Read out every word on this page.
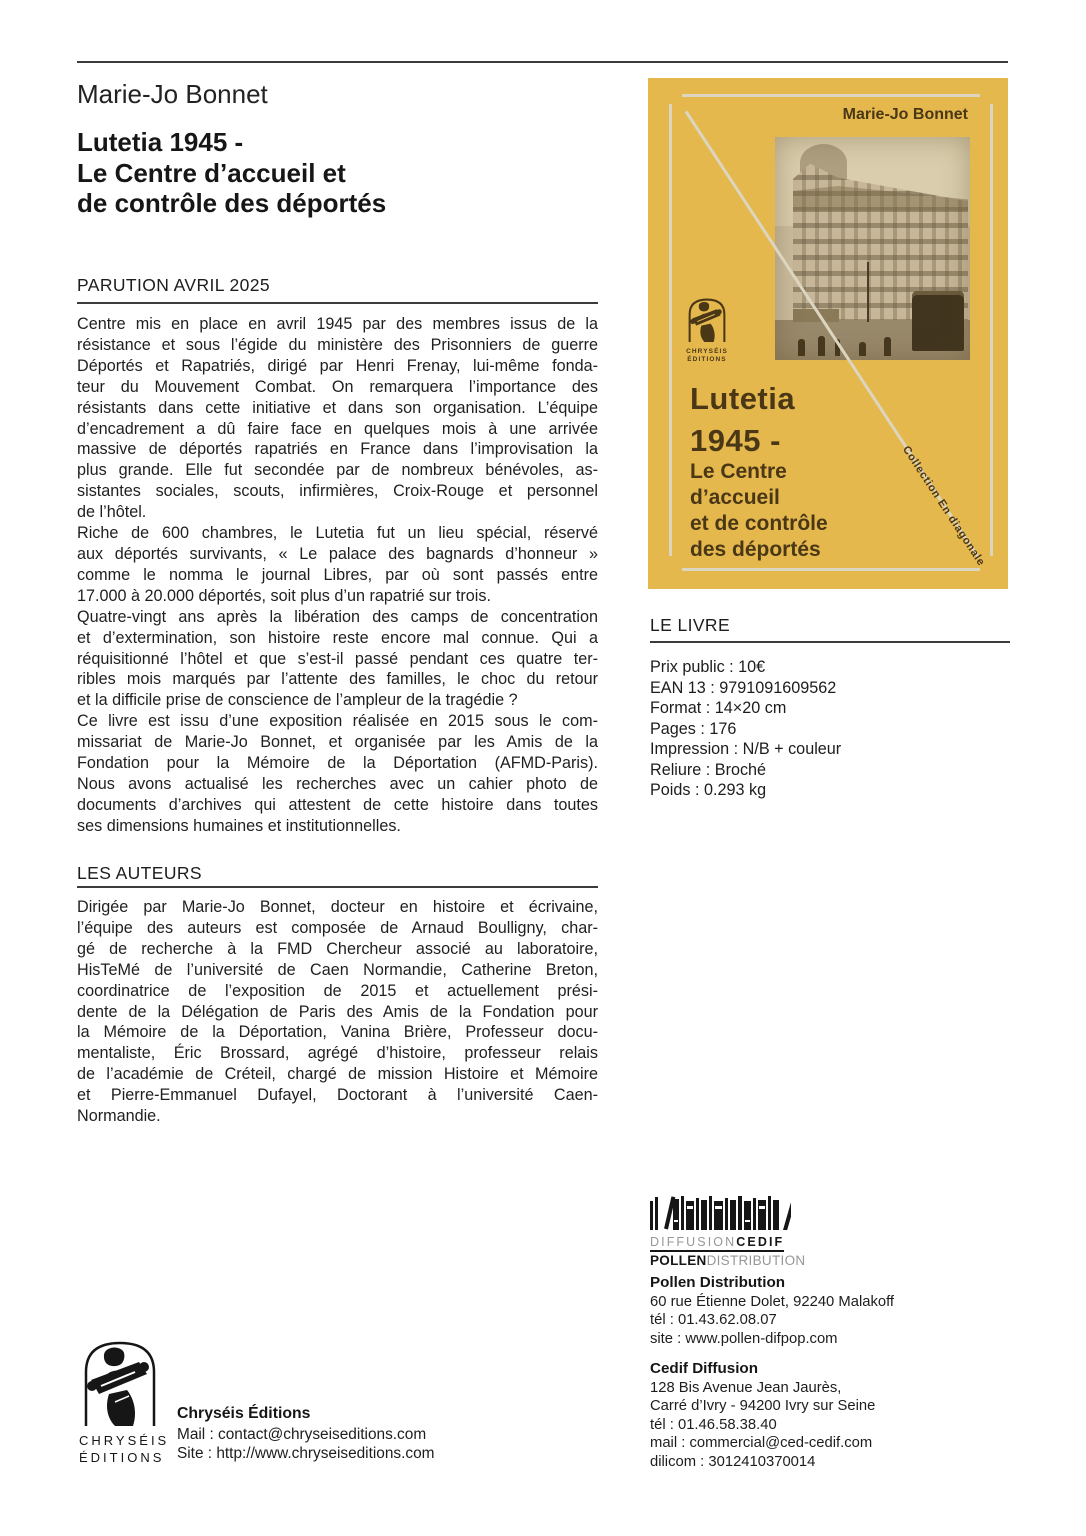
Marie-Jo Bonnet
Lutetia 1945 -
Le Centre d’accueil et
de contrôle des déportés
PARUTION AVRIL 2025
Centre mis en place en avril 1945 par des membres issus de la
résistance et sous l’égide du ministère des Prisonniers de guerre
Déportés et Rapatriés, dirigé par Henri Frenay, lui-même fonda-
teur du Mouvement Combat. On remarquera l’importance des
résistants dans cette initiative et dans son organisation. L’équipe
d’encadrement a dû faire face en quelques mois à une arrivée
massive de déportés rapatriés en France dans l’improvisation la
plus grande. Elle fut secondée par de nombreux bénévoles, as-
sistantes sociales, scouts, infirmières, Croix-Rouge et personnel
de l’hôtel.
Riche de 600 chambres, le Lutetia fut un lieu spécial, réservé
aux déportés survivants, « Le palace des bagnards d’honneur »
comme le nomma le journal Libres, par où sont passés entre
17.000 à 20.000 déportés, soit plus d’un rapatrié sur trois.
Quatre-vingt ans après la libération des camps de concentration
et d’extermination, son histoire reste encore mal connue. Qui a
réquisitionné l’hôtel et que s’est-il passé pendant ces quatre ter-
ribles mois marqués par l’attente des familles, le choc du retour
et la difficile prise de conscience de l’ampleur de la tragédie ?
Ce livre est issu d’une exposition réalisée en 2015 sous le com-
missariat de Marie-Jo Bonnet, et organisée par les Amis de la
Fondation pour la Mémoire de la Déportation (AFMD-Paris).
Nous avons actualisé les recherches avec un cahier photo de
documents d’archives qui attestent de cette histoire dans toutes
ses dimensions humaines et institutionnelles.
LES AUTEURS
Dirigée par Marie-Jo Bonnet, docteur en histoire et écrivaine,
l’équipe des auteurs est composée de Arnaud Boulligny, char-
gé de recherche à la FMD Chercheur associé au laboratoire,
HisTeMé de l’université de Caen Normandie, Catherine Breton,
coordinatrice de l’exposition de 2015 et actuellement prési-
dente de la Délégation de Paris des Amis de la Fondation pour
la Mémoire de la Déportation, Vanina Brière, Professeur docu-
mentaliste, Éric Brossard, agrégé d’histoire, professeur relais
de l’académie de Créteil, chargé de mission Histoire et Mémoire
et Pierre-Emmanuel Dufayel, Doctorant à l’université Caen-
Normandie.
Marie-Jo Bonnet
CHRYSÉIS
ÉDITIONS
Lutetia
1945 -
Le Centre
d’accueil
et de contrôle
des déportés	Collection En diagonale
LE LIVRE
Prix public : 10€
EAN 13 : 9791091609562
Format : 14×20 cm
Pages : 176
Impression : N/B + couleur
Reliure : Broché
Poids : 0.293 kg
DIFFUSIONCEDIF
POLLENDISTRIBUTION
Pollen Distribution
60 rue Étienne Dolet, 92240 Malakoff
tél : 01.43.62.08.07
site : www.pollen-difpop.com
Cedif Diffusion
128 Bis Avenue Jean Jaurès,
Carré d’Ivry - 94200 Ivry sur Seine
tél : 01.46.58.38.40
mail : commercial@ced-cedif.com
dilicom : 3012410370014
CHRYSÉIS
ÉDITIONS
Chryséis Éditions
Mail : contact@chryseiseditions.com
Site : http://www.chryseiseditions.com
